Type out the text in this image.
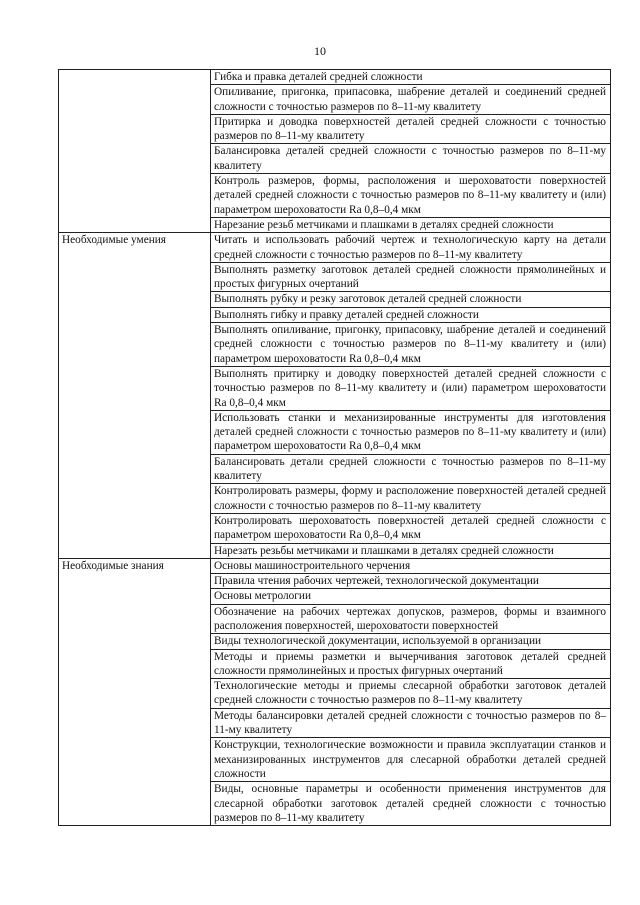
10
	Гибка и правка деталей средней сложности
	Опиливание, пригонка, припасовка, шабрение деталей и соединений средней сложности с точностью размеров по 8–11-му квалитету
	Притирка и доводка поверхностей деталей средней сложности с точностью размеров по 8–11-му квалитету
	Балансировка деталей средней сложности с точностью размеров по 8–11-му квалитету
	Контроль размеров, формы, расположения и шероховатости поверхностей деталей средней сложности с точностью размеров по 8–11-му квалитету и (или) параметром шероховатости Ra 0,8–0,4 мкм
	Нарезание резьб метчиками и плашками в деталях средней сложности
Необходимые умения	Читать и использовать рабочий чертеж и технологическую карту на детали средней сложности с точностью размеров по 8–11-му квалитету
	Выполнять разметку заготовок деталей средней сложности прямолинейных и простых фигурных очертаний
	Выполнять рубку и резку заготовок деталей средней сложности
	Выполнять гибку и правку деталей средней сложности
	Выполнять опиливание, пригонку, припасовку, шабрение деталей и соединений средней сложности с точностью размеров по 8–11-му квалитету и (или) параметром шероховатости Ra 0,8–0,4 мкм
	Выполнять притирку и доводку поверхностей деталей средней сложности с точностью размеров по 8–11-му квалитету и (или) параметром шероховатости Ra 0,8–0,4 мкм
	Использовать станки и механизированные инструменты для изготовления деталей средней сложности с точностью размеров по 8–11-му квалитету и (или) параметром шероховатости Ra 0,8–0,4 мкм
	Балансировать детали средней сложности с точностью размеров по 8–11-му квалитету
	Контролировать размеры, форму и расположение поверхностей деталей средней сложности с точностью размеров по 8–11-му квалитету
	Контролировать шероховатость поверхностей деталей средней сложности с параметром шероховатости Ra 0,8–0,4 мкм
	Нарезать резьбы метчиками и плашками в деталях средней сложности
Необходимые знания	Основы машиностроительного черчения
	Правила чтения рабочих чертежей, технологической документации
	Основы метрологии
	Обозначение на рабочих чертежах допусков, размеров, формы и взаимного расположения поверхностей, шероховатости поверхностей
	Виды технологической документации, используемой в организации
	Методы и приемы разметки и вычерчивания заготовок деталей средней сложности прямолинейных и простых фигурных очертаний
	Технологические методы и приемы слесарной обработки заготовок деталей средней сложности с точностью размеров по 8–11-му квалитету
	Методы балансировки деталей средней сложности с точностью размеров по 8–11-му квалитету
	Конструкции, технологические возможности и правила эксплуатации станков и механизированных инструментов для слесарной обработки деталей средней сложности
	Виды, основные параметры и особенности применения инструментов для слесарной обработки заготовок деталей средней сложности с точностью размеров по 8–11-му квалитету
